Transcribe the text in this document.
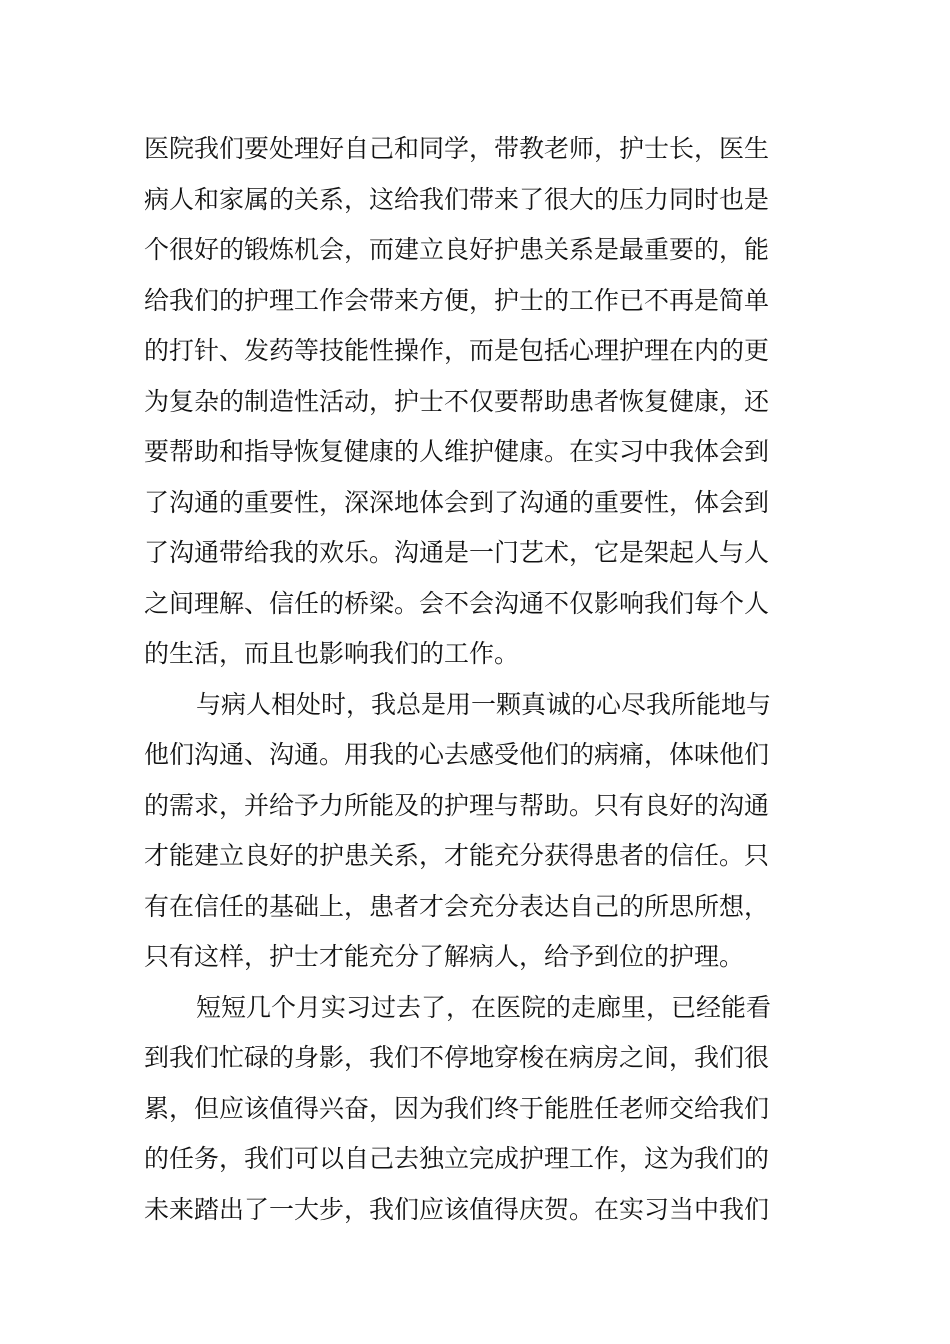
医院我们要处理好自己和同学，带教老师，护士长，医生
病人和家属的关系，这给我们带来了很大的压力同时也是
个很好的锻炼机会，而建立良好护患关系是最重要的，能
给我们的护理工作会带来方便，护士的工作已不再是简单
的打针、发药等技能性操作，而是包括心理护理在内的更
为复杂的制造性活动，护士不仅要帮助患者恢复健康，还
要帮助和指导恢复健康的人维护健康。在实习中我体会到
了沟通的重要性，深深地体会到了沟通的重要性，体会到
了沟通带给我的欢乐。沟通是一门艺术，它是架起人与人
之间理解、信任的桥梁。会不会沟通不仅影响我们每个人
的生活，而且也影响我们的工作。
与病人相处时，我总是用一颗真诚的心尽我所能地与
他们沟通、沟通。用我的心去感受他们的病痛，体味他们
的需求，并给予力所能及的护理与帮助。只有良好的沟通
才能建立良好的护患关系，才能充分获得患者的信任。只
有在信任的基础上，患者才会充分表达自己的所思所想，
只有这样，护士才能充分了解病人，给予到位的护理。
短短几个月实习过去了，在医院的走廊里，已经能看
到我们忙碌的身影，我们不停地穿梭在病房之间，我们很
累，但应该值得兴奋，因为我们终于能胜任老师交给我们
的任务，我们可以自己去独立完成护理工作，这为我们的
未来踏出了一大步，我们应该值得庆贺。在实习当中我们
